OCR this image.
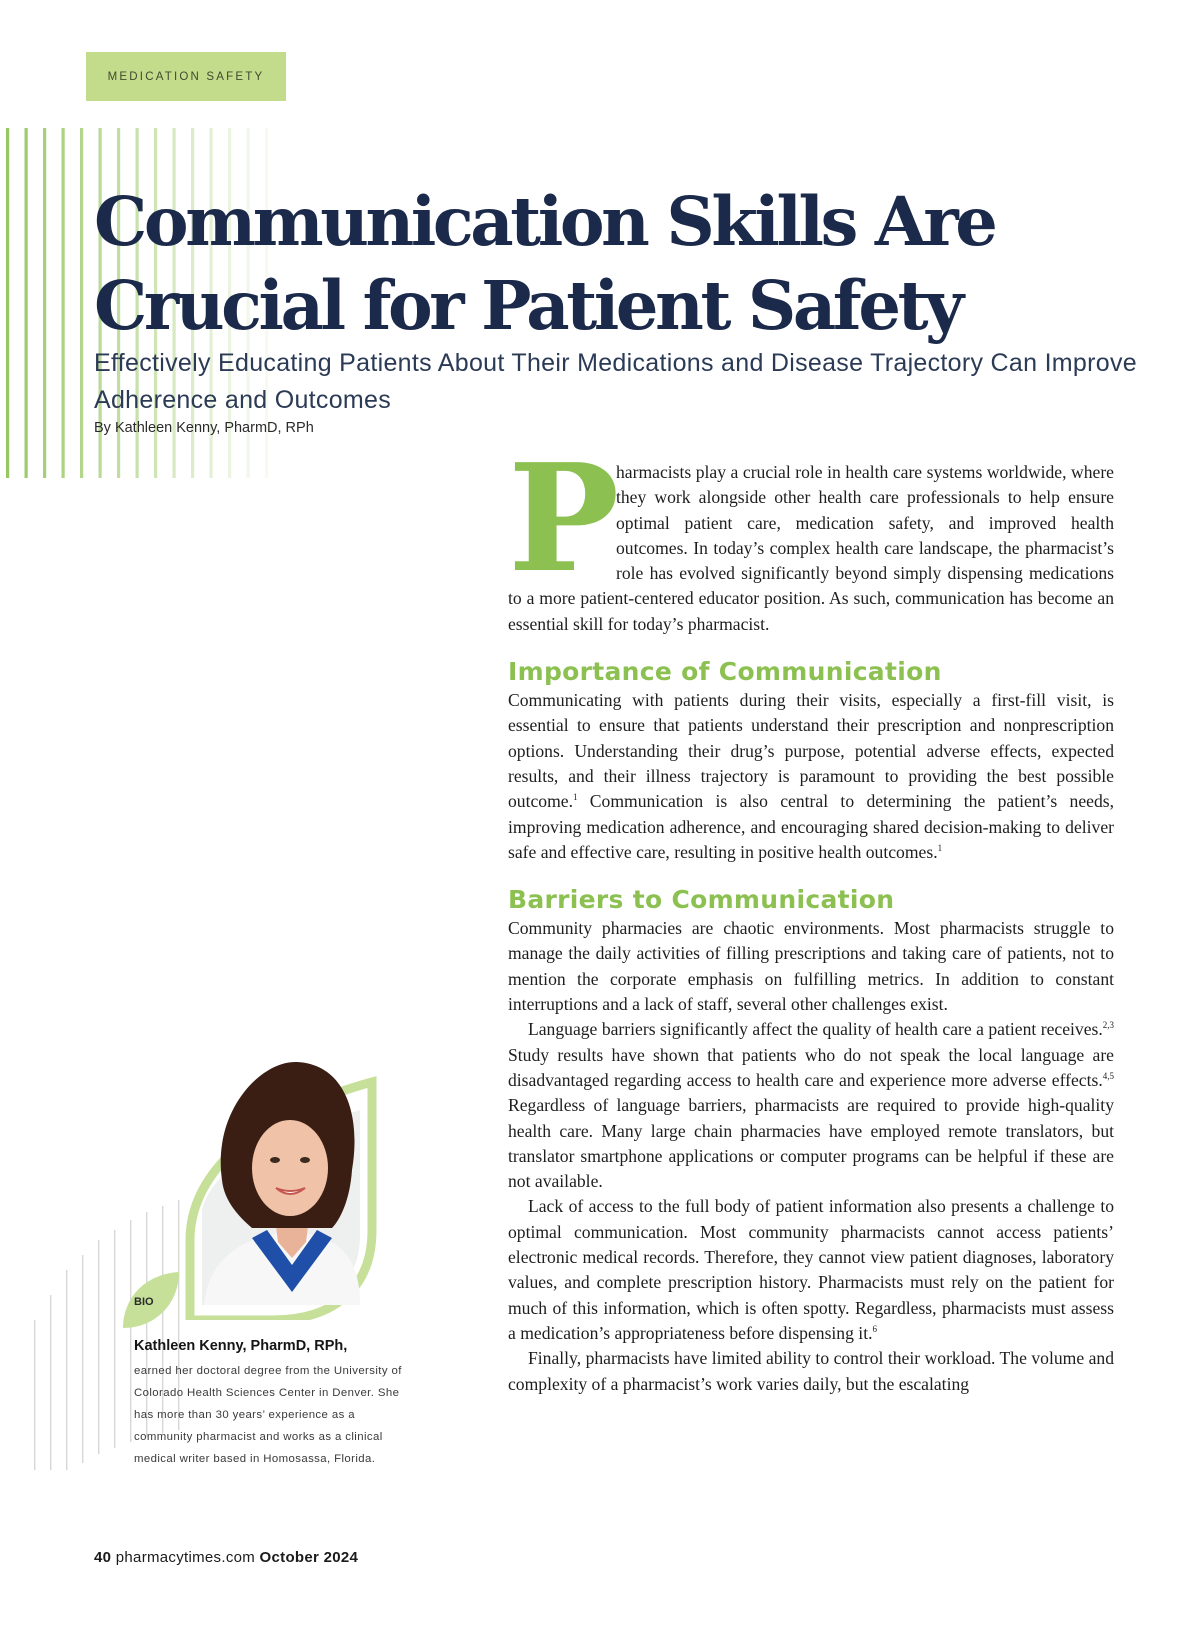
MEDICATION SAFETY
Communication Skills Are Crucial for Patient Safety

Effectively Educating Patients About Their Medications and Disease Trajectory Can Improve Adherence and Outcomes

By Kathleen Kenny, PharmD, RPh

P
harmacists play a crucial role in health care systems worldwide, where they work alongside other health care professionals to help ensure optimal patient care, medication safety, and improved health outcomes. In today’s complex health care landscape, the pharmacist’s role has evolved significantly beyond simply dispensing medications to a more patient-centered educator position. As such, communication has become an essential skill for today’s pharmacist.

Importance of Communication

Communicating with patients during their visits, especially a first-fill visit, is essential to ensure that patients understand their prescription and nonprescription options. Understanding their drug’s purpose, potential adverse effects, expected results, and their illness trajectory is paramount to providing the best possible outcome.$^1$ Communication is also central to determining the patient’s needs, improving medication adherence, and encouraging shared decision-making to deliver safe and effective care, resulting in positive health outcomes.$^1$

Barriers to Communication

Community pharmacies are chaotic environments. Most pharmacists struggle to manage the daily activities of filling prescriptions and taking care of patients, not to mention the corporate emphasis on fulfilling metrics. In addition to constant interruptions and a lack of staff, several other challenges exist.

Language barriers significantly affect the quality of health care a patient receives.$^{2,3}$ Study results have shown that patients who do not speak the local language are disadvantaged regarding access to health care and experience more adverse effects.$^{4,5}$ Regardless of language barriers, pharmacists are required to provide high-quality health care. Many large chain pharmacies have employed remote translators, but translator smartphone applications or computer programs can be helpful if these are not available.

Lack of access to the full body of patient information also presents a challenge to optimal communication. Most community pharmacists cannot access patients’ electronic medical records. Therefore, they cannot view patient diagnoses, laboratory values, and complete prescription history. Pharmacists must rely on the patient for much of this information, which is often spotty. Regardless, pharmacists must assess a medication’s appropriateness before dispensing it.$^6$

Finally, pharmacists have limited ability to control their workload. The volume and complexity of a pharmacist’s work varies daily, but the escalating

BIO

Kathleen Kenny, PharmD, RPh,

earned her doctoral degree from the University of Colorado Health Sciences Center in Denver. She has more than 30 years’ experience as a community pharmacist and works as a clinical medical writer based in Homosassa, Florida.

40 pharmacytimes.com October 2024
